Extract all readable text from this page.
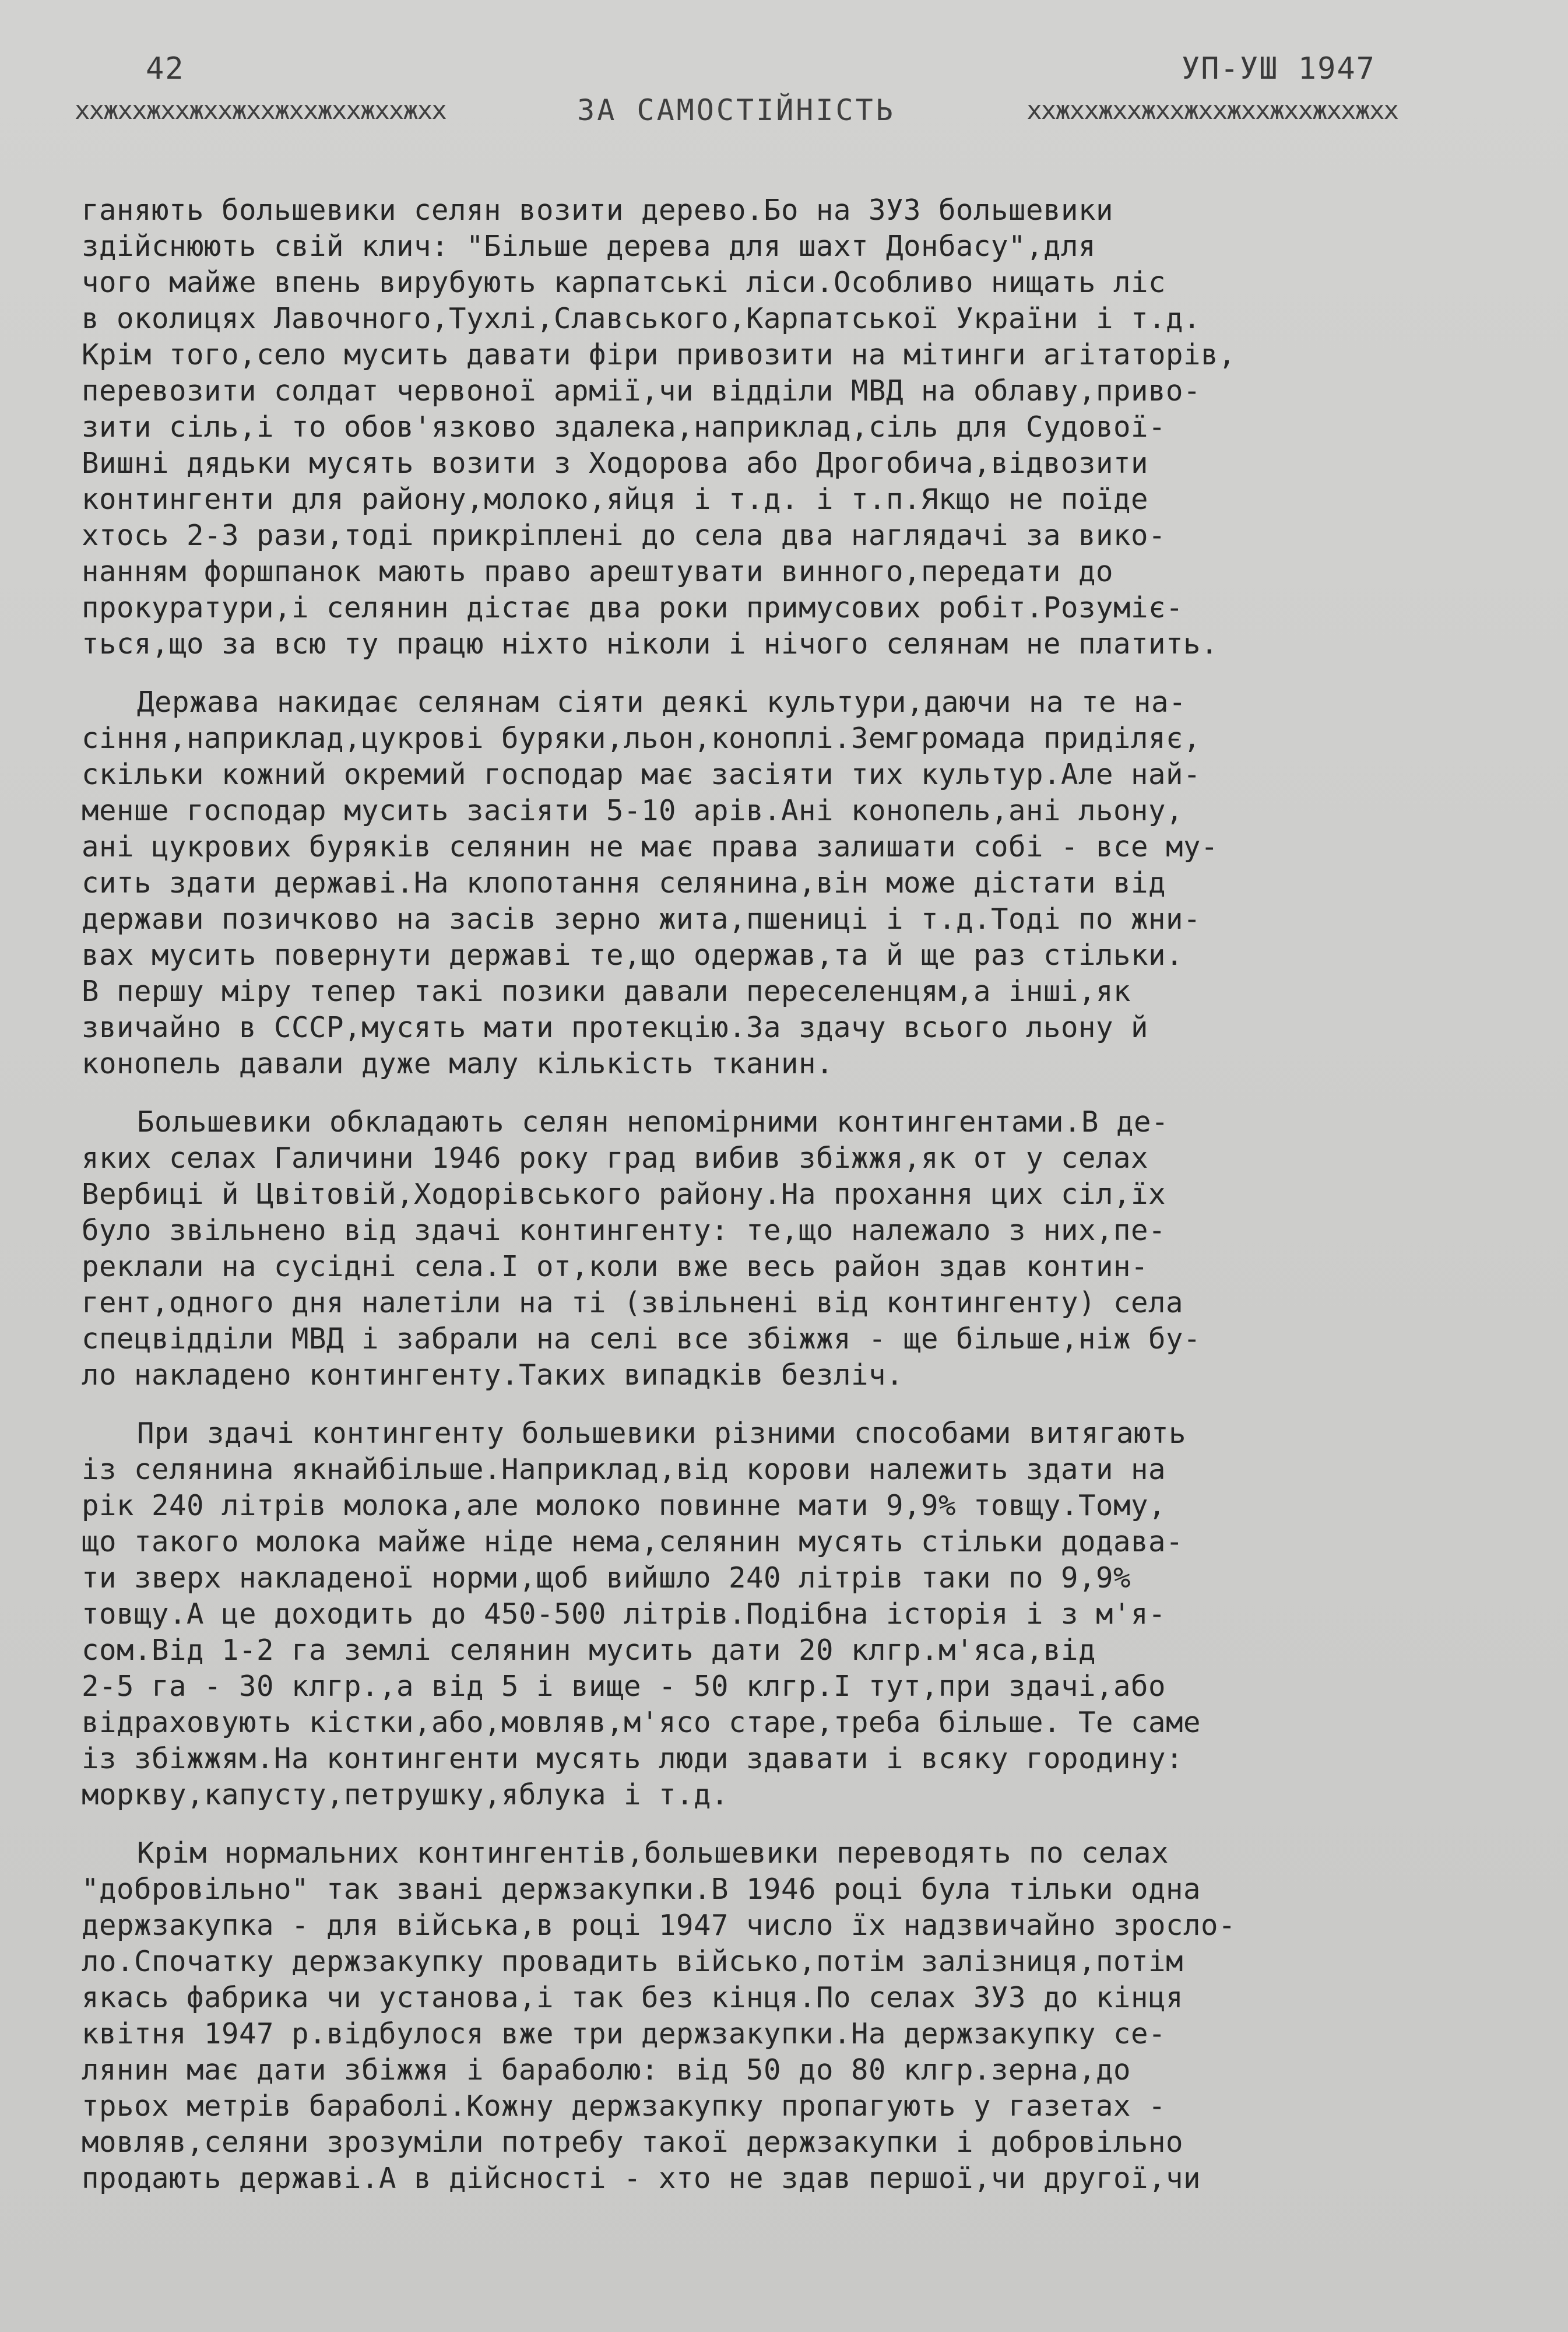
42	УП-УШ 1947
xxжxxжxxжxxжxxжxxжxxжxxжxx	ЗА САМОСТІЙНІСТЬ	xxжxxжxxжxxжxxжxxжxxжxxжxx
ганяють большевики селян возити дерево.Бо на ЗУЗ большевики
здійснюють свій клич: "Більше дерева для шахт Донбасу",для
чого майже впень вирубують карпатські ліси.Особливо нищать ліс
в околицях Лавочного,Тухлі,Славського,Карпатської України і т.д.
Крім того,село мусить давати фіри привозити на мітинги агітаторів,
перевозити солдат червоної армії,чи відділи МВД на облаву,приво-
зити сіль,і то обов'язково здалека,наприклад,сіль для Судової-
Вишні дядьки мусять возити з Ходорова або Дрогобича,відвозити
контингенти для району,молоко,яйця і т.д. і т.п.Якщо не поїде
хтось 2-3 рази,тоді прикріплені до села два наглядачі за вико-
нанням форшпанок мають право арештувати винного,передати до
прокуратури,і селянин дістає два роки примусових робіт.Розуміє-
ться,що за всю ту працю ніхто ніколи і нічого селянам не платить.
Держава накидає селянам сіяти деякі культури,даючи на те на-
сіння,наприклад,цукрові буряки,льон,коноплі.Земгромада приділяє,
скільки кожний окремий господар має засіяти тих культур.Але най-
менше господар мусить засіяти 5-10 арів.Ані конопель,ані льону,
ані цукрових буряків селянин не має права залишати собі - все му-
сить здати державі.На клопотання селянина,він може дістати від
держави позичково на засів зерно жита,пшениці і т.д.Тоді по жни-
вах мусить повернути державі те,що одержав,та й ще раз стільки.
В першу міру тепер такі позики давали переселенцям,а інші,як
звичайно в СССР,мусять мати протекцію.За здачу всього льону й
конопель давали дуже малу кількість тканин.
Большевики обкладають селян непомірними контингентами.В де-
яких селах Галичини 1946 року град вибив збіжжя,як от у селах
Вербиці й Цвітовій,Ходорівського району.На прохання цих сіл,їх
було звільнено від здачі контингенту: те,що належало з них,пе-
реклали на сусідні села.І от,коли вже весь район здав контин-
гент,одного дня налетіли на ті (звільнені від контингенту) села
спецвідділи МВД і забрали на селі все збіжжя - ще більше,ніж бу-
ло накладено контингенту.Таких випадків безліч.
При здачі контингенту большевики різними способами витягають
із селянина якнайбільше.Наприклад,від корови належить здати на
рік 240 літрів молока,але молоко повинне мати 9,9% товщу.Тому,
що такого молока майже ніде нема,селянин мусять стільки додава-
ти зверх накладеної норми,щоб вийшло 240 літрів таки по 9,9%
товщу.А це доходить до 450-500 літрів.Подібна історія і з м'я-
сом.Від 1-2 га землі селянин мусить дати 20 клгр.м'яса,від
2-5 га - 30 клгр.,а від 5 і вище - 50 клгр.І тут,при здачі,або
відраховують кістки,або,мовляв,м'ясо старе,треба більше. Те саме
із збіжжям.На контингенти мусять люди здавати і всяку городину:
моркву,капусту,петрушку,яблука і т.д.
Крім нормальних контингентів,большевики переводять по селах
"добровільно" так звані держзакупки.В 1946 році була тільки одна
держзакупка - для війська,в році 1947 число їх надзвичайно зросло-
ло.Спочатку держзакупку провадить військо,потім залізниця,потім
якась фабрика чи установа,і так без кінця.По селах ЗУЗ до кінця
квітня 1947 р.відбулося вже три держзакупки.На держзакупку се-
лянин має дати збіжжя і бараболю: від 50 до 80 клгр.зерна,до
трьох метрів бараболі.Кожну держзакупку пропагують у газетах -
мовляв,селяни зрозуміли потребу такої держзакупки і добровільно
продають державі.А в дійсності - хто не здав першої,чи другої,чи
